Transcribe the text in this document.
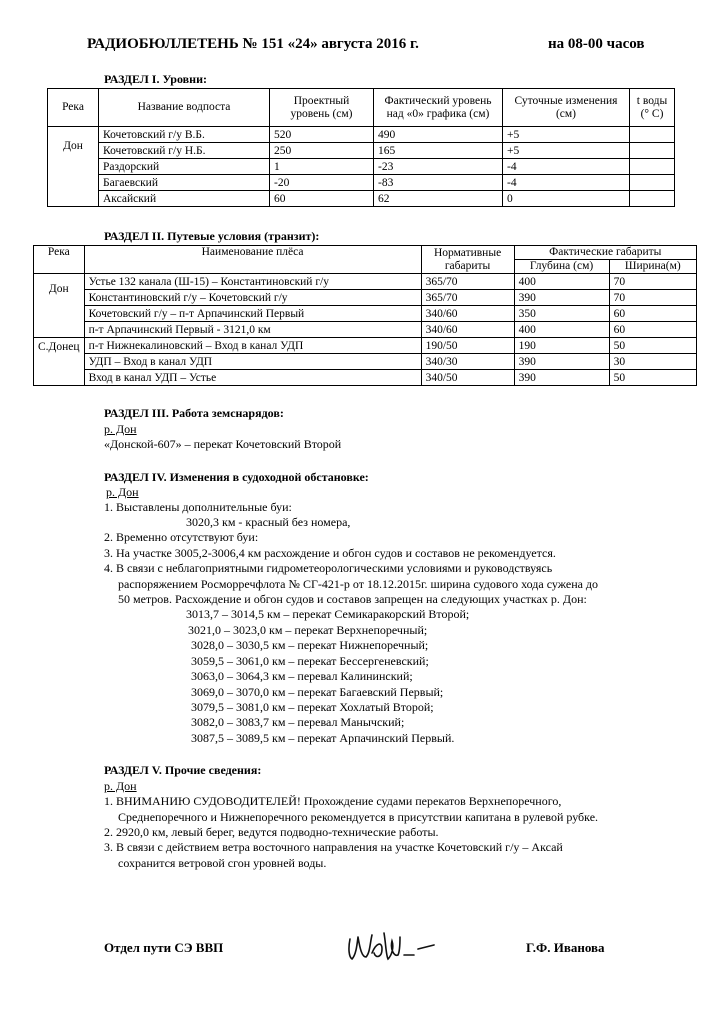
РАДИОБЮЛЛЕТЕНЬ № 151 «24» августа 2016 г.	на 08-00 часов
РАЗДЕЛ I. Уровни:
Река	Название водпоста	Проектный уровень (см)	Фактический уровень над «0» графика (см)	Суточные изменения (см)	t воды (° С)
Дон	Кочетовский г/у В.Б.	520	490	+5	
	Кочетовский г/у Н.Б.	250	165	+5	
	Раздорский	1	-23	-4	
	Багаевский	-20	-83	-4	
	Аксайский	60	62	0	
РАЗДЕЛ II. Путевые условия (транзит):
Река	Наименование плёса	Нормативные габариты	Фактические габариты	
			Глубина (см)	Ширина(м)
Дон	Устье 132 канала (Ш-15) – Константиновский г/у	365/70	400	70
	Константиновский г/у – Кочетовский г/у	365/70	390	70
	Кочетовский г/у – п-т Арпачинский Первый	340/60	350	60
	п-т Арпачинский Первый - 3121,0 км	340/60	400	60
С.Донец	п-т Нижнекалиновский – Вход в канал УДП	190/50	190	50
	УДП – Вход в канал УДП	340/30	390	30
	Вход в канал УДП – Устье	340/50	390	50
РАЗДЕЛ III. Работа земснарядов:
р. Дон
«Донской-607» – перекат Кочетовский Второй
РАЗДЕЛ IV. Изменения в судоходной обстановке:
р. Дон
1. Выставлены дополнительные буи:
3020,3 км - красный без номера,
2. Временно отсутствуют буи:
3. На участке 3005,2-3006,4 км расхождение и обгон судов и составов не рекомендуется.
4. В связи с неблагоприятными гидрометеорологическими условиями и руководствуясь
распоряжением Росморречфлота № СГ-421-р от 18.12.2015г. ширина судового хода сужена до
50 метров. Расхождение и обгон судов и составов запрещен на следующих участках р. Дон:
3013,7 – 3014,5 км – перекат Семикаракорский Второй;
3021,0 – 3023,0 км – перекат Верхнепоречный;
3028,0 – 3030,5 км – перекат Нижнепоречный;
3059,5 – 3061,0 км – перекат Бессергеневский;
3063,0 – 3064,3 км – перевал Калининский;
3069,0 – 3070,0 км – перекат Багаевский Первый;
3079,5 – 3081,0 км – перекат Хохлатый Второй;
3082,0 – 3083,7 км – перевал Манычский;
3087,5 – 3089,5 км – перекат Арпачинский Первый.
РАЗДЕЛ V. Прочие сведения:
р. Дон
1. ВНИМАНИЮ СУДОВОДИТЕЛЕЙ! Прохождение судами перекатов Верхнепоречного,
Среднепоречного и Нижнепоречного рекомендуется в присутствии капитана в рулевой рубке.
2. 2920,0 км, левый берег, ведутся подводно-технические работы.
3. В связи с действием ветра восточного направления на участке Кочетовский г/у – Аксай
сохранится ветровой сгон уровней воды.
Отдел пути СЭ ВВП	Г.Ф. Иванова
